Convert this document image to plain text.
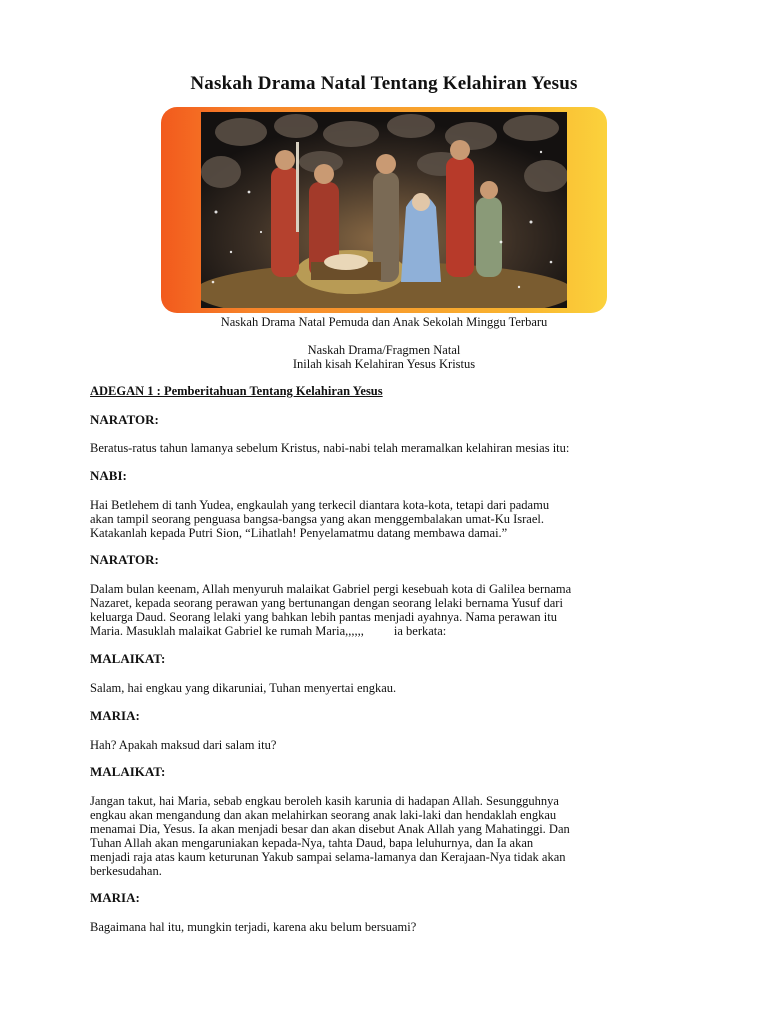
Naskah Drama Natal Tentang Kelahiran Yesus
Naskah Drama Natal Pemuda dan Anak Sekolah Minggu Terbaru
Naskah Drama/Fragmen Natal
Inilah kisah Kelahiran Yesus Kristus
ADEGAN 1 : Pemberitahuan Tentang Kelahiran Yesus
NARATOR:
Beratus-ratus tahun lamanya sebelum Kristus, nabi-nabi telah meramalkan kelahiran mesias itu:
NABI:
Hai Betlehem di tanh Yudea, engkaulah yang terkecil diantara kota-kota, tetapi dari padamu
akan tampil seorang penguasa bangsa-bangsa yang akan menggembalakan umat-Ku Israel.
Katakanlah kepada Putri Sion, “Lihatlah! Penyelamatmu datang membawa damai.”
NARATOR:
Dalam bulan keenam, Allah menyuruh malaikat Gabriel pergi kesebuah kota di Galilea bernama
Nazaret, kepada seorang perawan yang bertunangan dengan seorang lelaki bernama Yusuf dari
keluarga Daud. Seorang lelaki yang bahkan lebih pantas menjadi ayahnya. Nama perawan itu
Maria. Masuklah malaikat Gabriel ke rumah Maria,,,,,, ia berkata:
MALAIKAT:
Salam, hai engkau yang dikaruniai, Tuhan menyertai engkau.
MARIA:
Hah? Apakah maksud dari salam itu?
MALAIKAT:
Jangan takut, hai Maria, sebab engkau beroleh kasih karunia di hadapan Allah. Sesungguhnya
engkau akan mengandung dan akan melahirkan seorang anak laki-laki dan hendaklah engkau
menamai Dia, Yesus. Ia akan menjadi besar dan akan disebut Anak Allah yang Mahatinggi. Dan
Tuhan Allah akan mengaruniakan kepada-Nya, tahta Daud, bapa leluhurnya, dan Ia akan
menjadi raja atas kaum keturunan Yakub sampai selama-lamanya dan Kerajaan-Nya tidak akan
berkesudahan.
MARIA:
Bagaimana hal itu, mungkin terjadi, karena aku belum bersuami?
